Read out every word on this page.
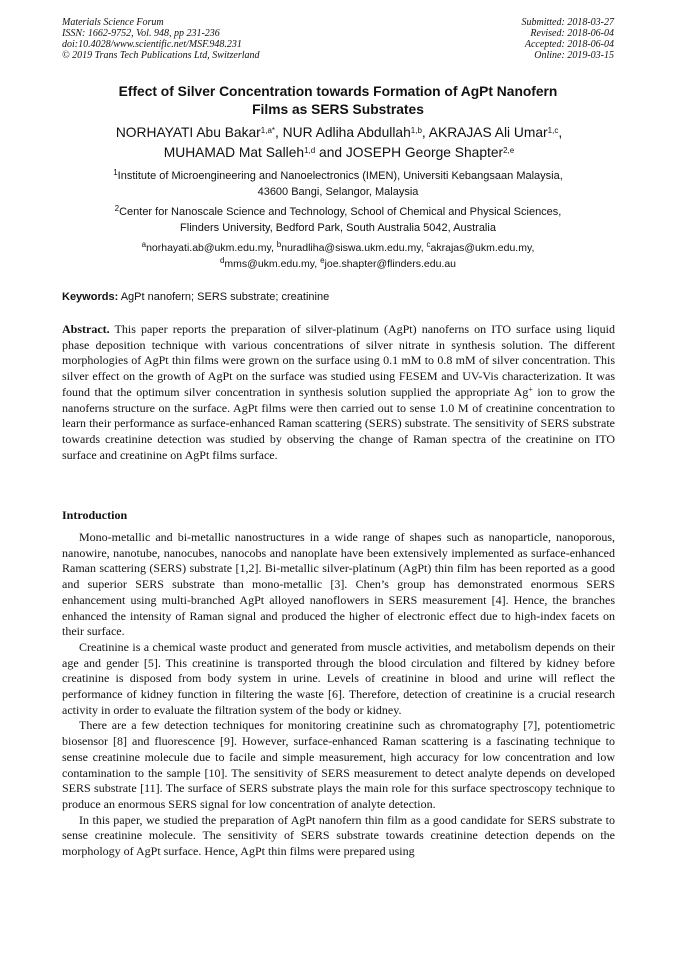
Materials Science Forum
ISSN: 1662-9752, Vol. 948, pp 231-236
doi:10.4028/www.scientific.net/MSF.948.231
© 2019 Trans Tech Publications Ltd, Switzerland
Submitted: 2018-03-27
Revised: 2018-06-04
Accepted: 2018-06-04
Online: 2019-03-15
Effect of Silver Concentration towards Formation of AgPt Nanofern
Films as SERS Substrates
NORHAYATI Abu Bakar$^{1,a*}$, NUR Adliha Abdullah$^{1,b}$, AKRAJAS Ali Umar$^{1,c}$,
MUHAMAD Mat Salleh$^{1,d}$ and JOSEPH George Shapter$^{2,e}$
$^1$Institute of Microengineering and Nanoelectronics (IMEN), Universiti Kebangsaan Malaysia,
43600 Bangi, Selangor, Malaysia
$^2$Center for Nanoscale Science and Technology, School of Chemical and Physical Sciences,
Flinders University, Bedford Park, South Australia 5042, Australia
$^a$norhayati.ab@ukm.edu.my, $^b$nuradliha@siswa.ukm.edu.my, $^c$akrajas@ukm.edu.my,
$^d$mms@ukm.edu.my, $^e$joe.shapter@flinders.edu.au
Keywords: AgPt nanofern; SERS substrate; creatinine

Abstract. This paper reports the preparation of silver-platinum (AgPt) nanoferns on ITO surface using liquid phase deposition technique with various concentrations of silver nitrate in synthesis solution. The different morphologies of AgPt thin films were grown on the surface using 0.1 mM to 0.8 mM of silver concentration. This silver effect on the growth of AgPt on the surface was studied using FESEM and UV-Vis characterization. It was found that the optimum silver concentration in synthesis solution supplied the appropriate Ag+ ion to grow the nanoferns structure on the surface. AgPt films were then carried out to sense 1.0 M of creatinine concentration to learn their performance as surface-enhanced Raman scattering (SERS) substrate. The sensitivity of SERS substrate towards creatinine detection was studied by observing the change of Raman spectra of the creatinine on ITO surface and creatinine on AgPt films surface.

Introduction

Mono-metallic and bi-metallic nanostructures in a wide range of shapes such as nanoparticle, nanoporous, nanowire, nanotube, nanocubes, nanocobs and nanoplate have been extensively implemented as surface-enhanced Raman scattering (SERS) substrate [1,2]. Bi-metallic silver-platinum (AgPt) thin film has been reported as a good and superior SERS substrate than mono-metallic [3]. Chen’s group has demonstrated enormous SERS enhancement using multi-branched AgPt alloyed nanoflowers in SERS measurement [4]. Hence, the branches enhanced the intensity of Raman signal and produced the higher of electronic effect due to high-index facets on their surface.

Creatinine is a chemical waste product and generated from muscle activities, and metabolism depends on their age and gender [5]. This creatinine is transported through the blood circulation and filtered by kidney before creatinine is disposed from body system in urine. Levels of creatinine in blood and urine will reflect the performance of kidney function in filtering the waste [6]. Therefore, detection of creatinine is a crucial research activity in order to evaluate the filtration system of the body or kidney.

There are a few detection techniques for monitoring creatinine such as chromatography [7], potentiometric biosensor [8] and fluorescence [9]. However, surface-enhanced Raman scattering is a fascinating technique to sense creatinine molecule due to facile and simple measurement, high accuracy for low concentration and low contamination to the sample [10]. The sensitivity of SERS measurement to detect analyte depends on developed SERS substrate [11]. The surface of SERS substrate plays the main role for this surface spectroscopy technique to produce an enormous SERS signal for low concentration of analyte detection.

In this paper, we studied the preparation of AgPt nanofern thin film as a good candidate for SERS substrate to sense creatinine molecule. The sensitivity of SERS substrate towards creatinine detection depends on the morphology of AgPt surface. Hence, AgPt thin films were prepared using
